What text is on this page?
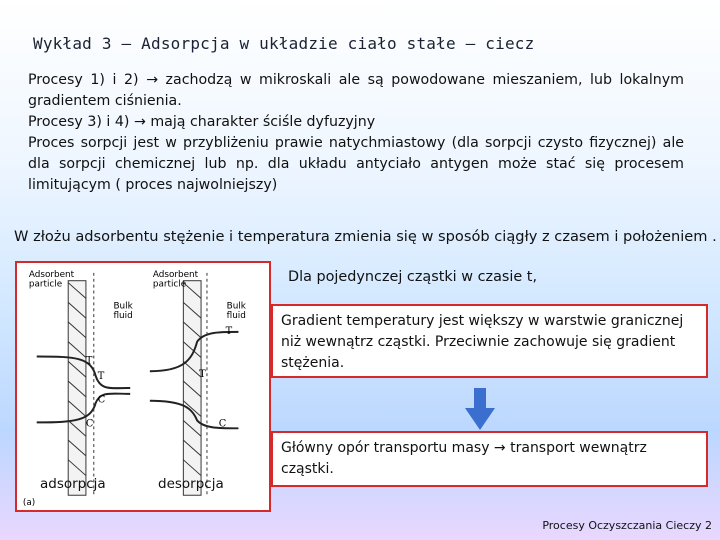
Wykład 3 – Adsorpcja w układzie ciało stałe – ciecz
Procesy 1) i 2) → zachodzą w mikroskali ale są powodowane mieszaniem, lub lokalnym gradientem ciśnienia.
Procesy 3) i 4) → mają charakter ściśle dyfuzyjny
Proces sorpcji jest w przybliżeniu prawie natychmiastowy (dla sorpcji czysto fizycznej) ale dla sorpcji chemicznej lub np. dla układu antyciało antygen może stać się procesem limitującym ( proces najwolniejszy)
W złożu adsorbentu stężenie i temperatura zmienia się w sposób ciągły z czasem i położeniem .
Adsorbent
particle
Adsorbent
particle
Bulk
fluid
Bulk
fluid
T
T
C
C
T
T
C
(a)
adsorpcja	desorpcja
Dla pojedynczej cząstki w czasie t,
Gradient temperatury jest większy w warstwie granicznej niż wewnątrz cząstki. Przeciwnie zachowuje się gradient stężenia.
Główny opór transportu masy → transport wewnątrz cząstki.
Procesy Oczyszczania Cieczy 2
